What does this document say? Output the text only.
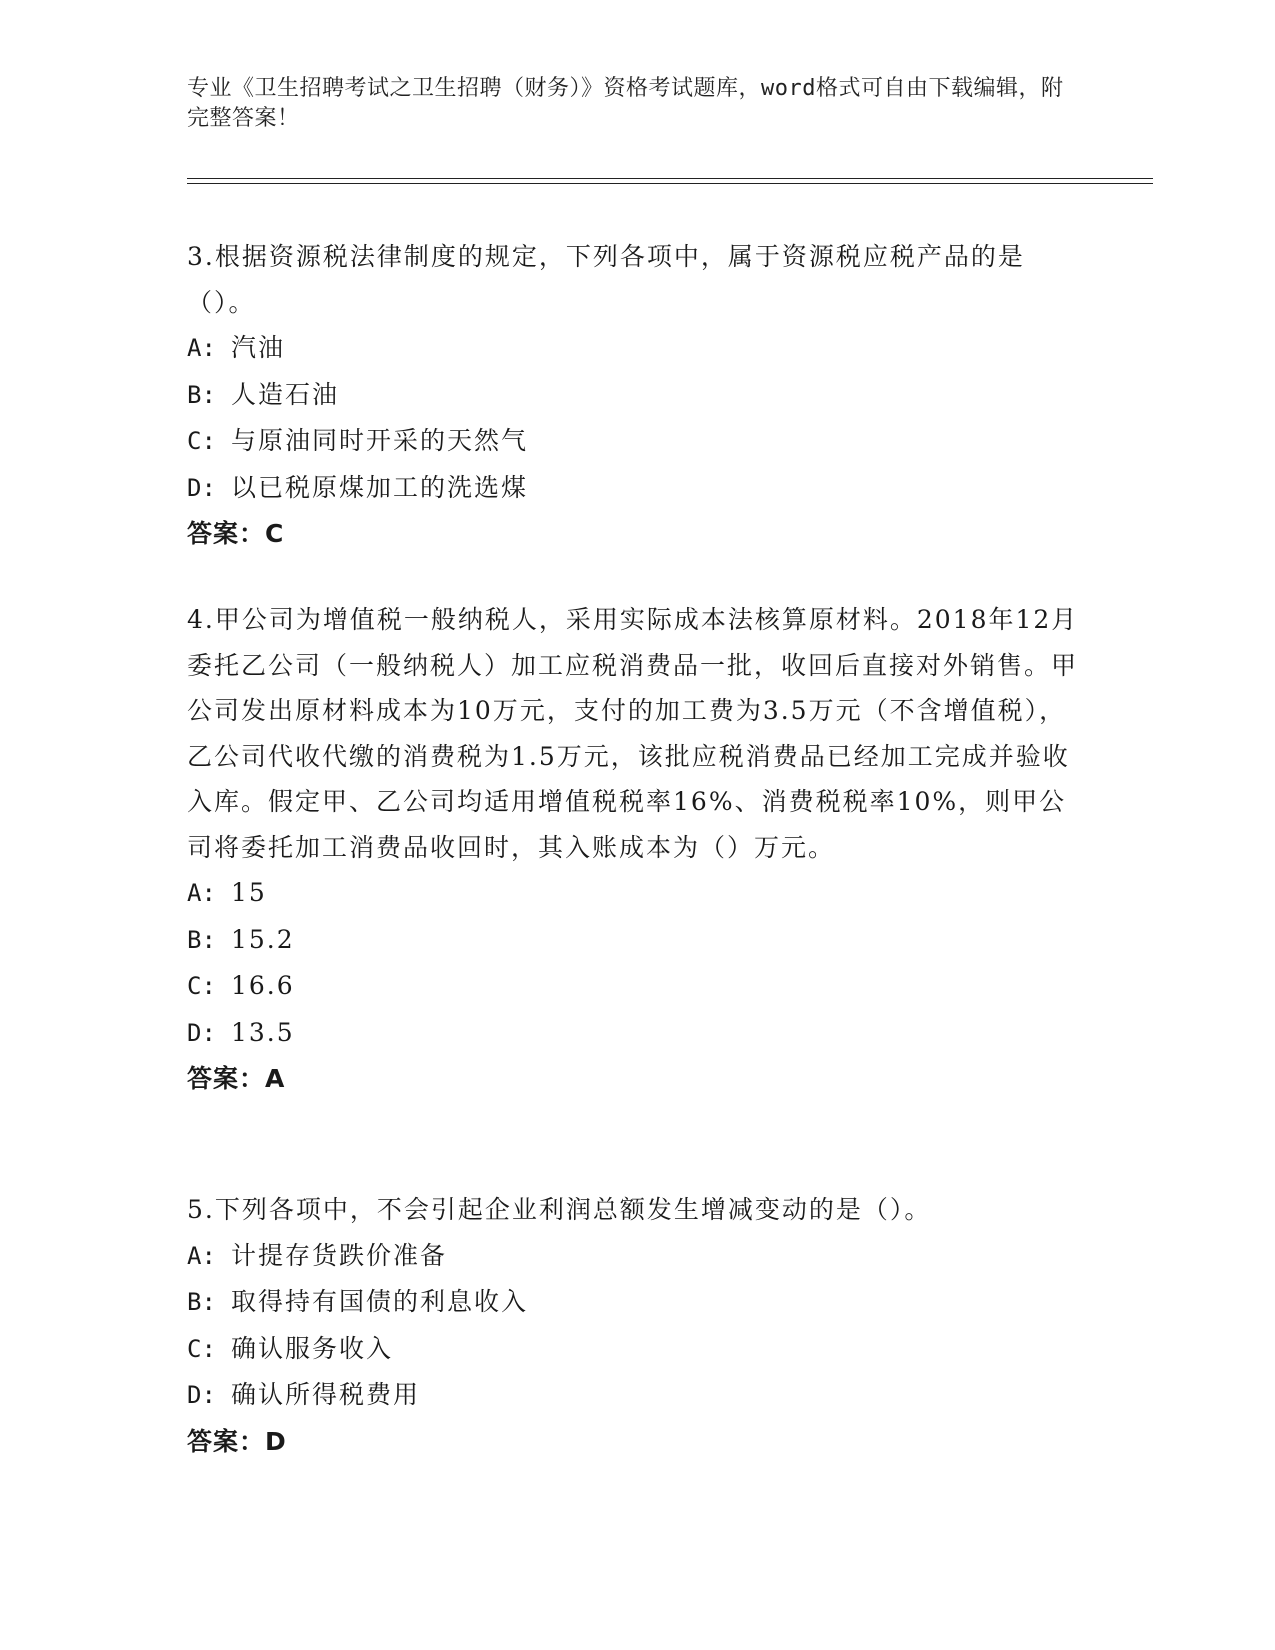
专业《卫生招聘考试之卫生招聘（财务）》资格考试题库，word格式可自由下载编辑，附完整答案！

3.根据资源税法律制度的规定，下列各项中，属于资源税应税产品的是（）。

A: 汽油

B: 人造石油

C: 与原油同时开采的天然气

D: 以已税原煤加工的洗选煤

答案：C

4.甲公司为增值税一般纳税人，采用实际成本法核算原材料。2018年12月委托乙公司（一般纳税人）加工应税消费品一批，收回后直接对外销售。甲公司发出原材料成本为10万元，支付的加工费为3.5万元（不含增值税），乙公司代收代缴的消费税为1.5万元，该批应税消费品已经加工完成并验收入库。假定甲、乙公司均适用增值税税率16%、消费税税率10%，则甲公司将委托加工消费品收回时，其入账成本为（）万元。

A: 15

B: 15.2

C: 16.6

D: 13.5

答案：A

5.下列各项中，不会引起企业利润总额发生增减变动的是（）。

A: 计提存货跌价准备

B: 取得持有国债的利息收入

C: 确认服务收入

D: 确认所得税费用

答案：D
